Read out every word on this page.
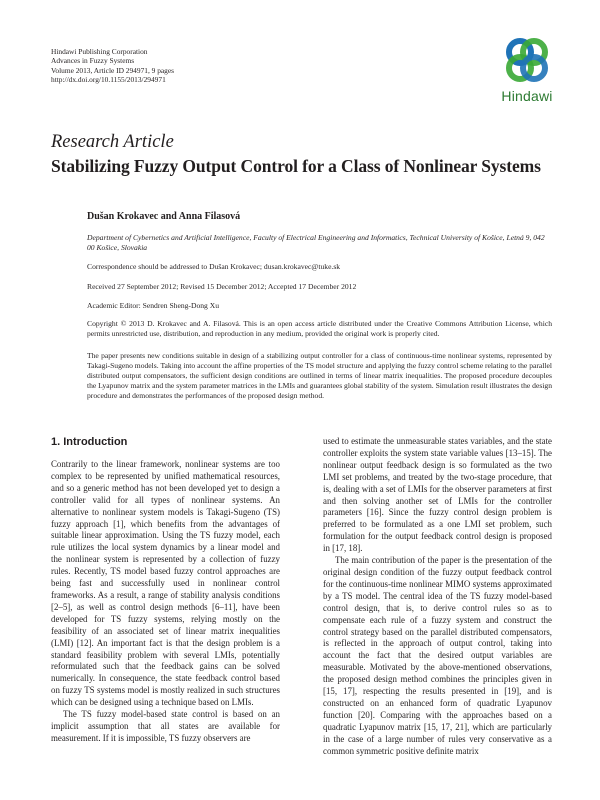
Hindawi Publishing Corporation
Advances in Fuzzy Systems
Volume 2013, Article ID 294971, 9 pages
http://dx.doi.org/10.1155/2013/294971
Hindawi
Research Article
Stabilizing Fuzzy Output Control for a Class of Nonlinear Systems
Dušan Krokavec and Anna Filasová
Department of Cybernetics and Artificial Intelligence, Faculty of Electrical Engineering and Informatics, Technical University of Košice, Letná 9, 042 00 Košice, Slovakia
Correspondence should be addressed to Dušan Krokavec; dusan.krokavec@tuke.sk
Received 27 September 2012; Revised 15 December 2012; Accepted 17 December 2012
Academic Editor: Sendren Sheng-Dong Xu
Copyright © 2013 D. Krokavec and A. Filasová. This is an open access article distributed under the Creative Commons Attribution License, which permits unrestricted use, distribution, and reproduction in any medium, provided the original work is properly cited.
The paper presents new conditions suitable in design of a stabilizing output controller for a class of continuous-time nonlinear systems, represented by Takagi-Sugeno models. Taking into account the affine properties of the TS model structure and applying the fuzzy control scheme relating to the parallel distributed output compensators, the sufficient design conditions are outlined in terms of linear matrix inequalities. The proposed procedure decouples the Lyapunov matrix and the system parameter matrices in the LMIs and guarantees global stability of the system. Simulation result illustrates the design procedure and demonstrates the performances of the proposed design method.
1. Introduction

Contrarily to the linear framework, nonlinear systems are too complex to be represented by unified mathematical resources, and so a generic method has not been developed yet to design a controller valid for all types of nonlinear systems. An alternative to nonlinear system models is Takagi-Sugeno (TS) fuzzy approach [1], which benefits from the advantages of suitable linear approximation. Using the TS fuzzy model, each rule utilizes the local system dynamics by a linear model and the nonlinear system is represented by a collection of fuzzy rules. Recently, TS model based fuzzy control approaches are being fast and successfully used in nonlinear control frameworks. As a result, a range of stability analysis conditions [2–5], as well as control design methods [6–11], have been developed for TS fuzzy systems, relying mostly on the feasibility of an associated set of linear matrix inequalities (LMI) [12]. An important fact is that the design problem is a standard feasibility problem with several LMIs, potentially reformulated such that the feedback gains can be solved numerically. In consequence, the state feedback control based on fuzzy TS systems model is mostly realized in such structures which can be designed using a technique based on LMIs.

The TS fuzzy model-based state control is based on an implicit assumption that all states are available for measurement. If it is impossible, TS fuzzy observers are

used to estimate the unmeasurable states variables, and the state controller exploits the system state variable values [13–15]. The nonlinear output feedback design is so formulated as the two LMI set problems, and treated by the two-stage procedure, that is, dealing with a set of LMIs for the observer parameters at first and then solving another set of LMIs for the controller parameters [16]. Since the fuzzy control design problem is preferred to be formulated as a one LMI set problem, such formulation for the output feedback control design is proposed in [17, 18].

The main contribution of the paper is the presentation of the original design condition of the fuzzy output feedback control for the continuous-time nonlinear MIMO systems approximated by a TS model. The central idea of the TS fuzzy model-based control design, that is, to derive control rules so as to compensate each rule of a fuzzy system and construct the control strategy based on the parallel distributed compensators, is reflected in the approach of output control, taking into account the fact that the desired output variables are measurable. Motivated by the above-mentioned observations, the proposed design method combines the principles given in [15, 17], respecting the results presented in [19], and is constructed on an enhanced form of quadratic Lyapunov function [20]. Comparing with the approaches based on a quadratic Lyapunov matrix [15, 17, 21], which are particularly in the case of a large number of rules very conservative as a common symmetric positive definite matrix
